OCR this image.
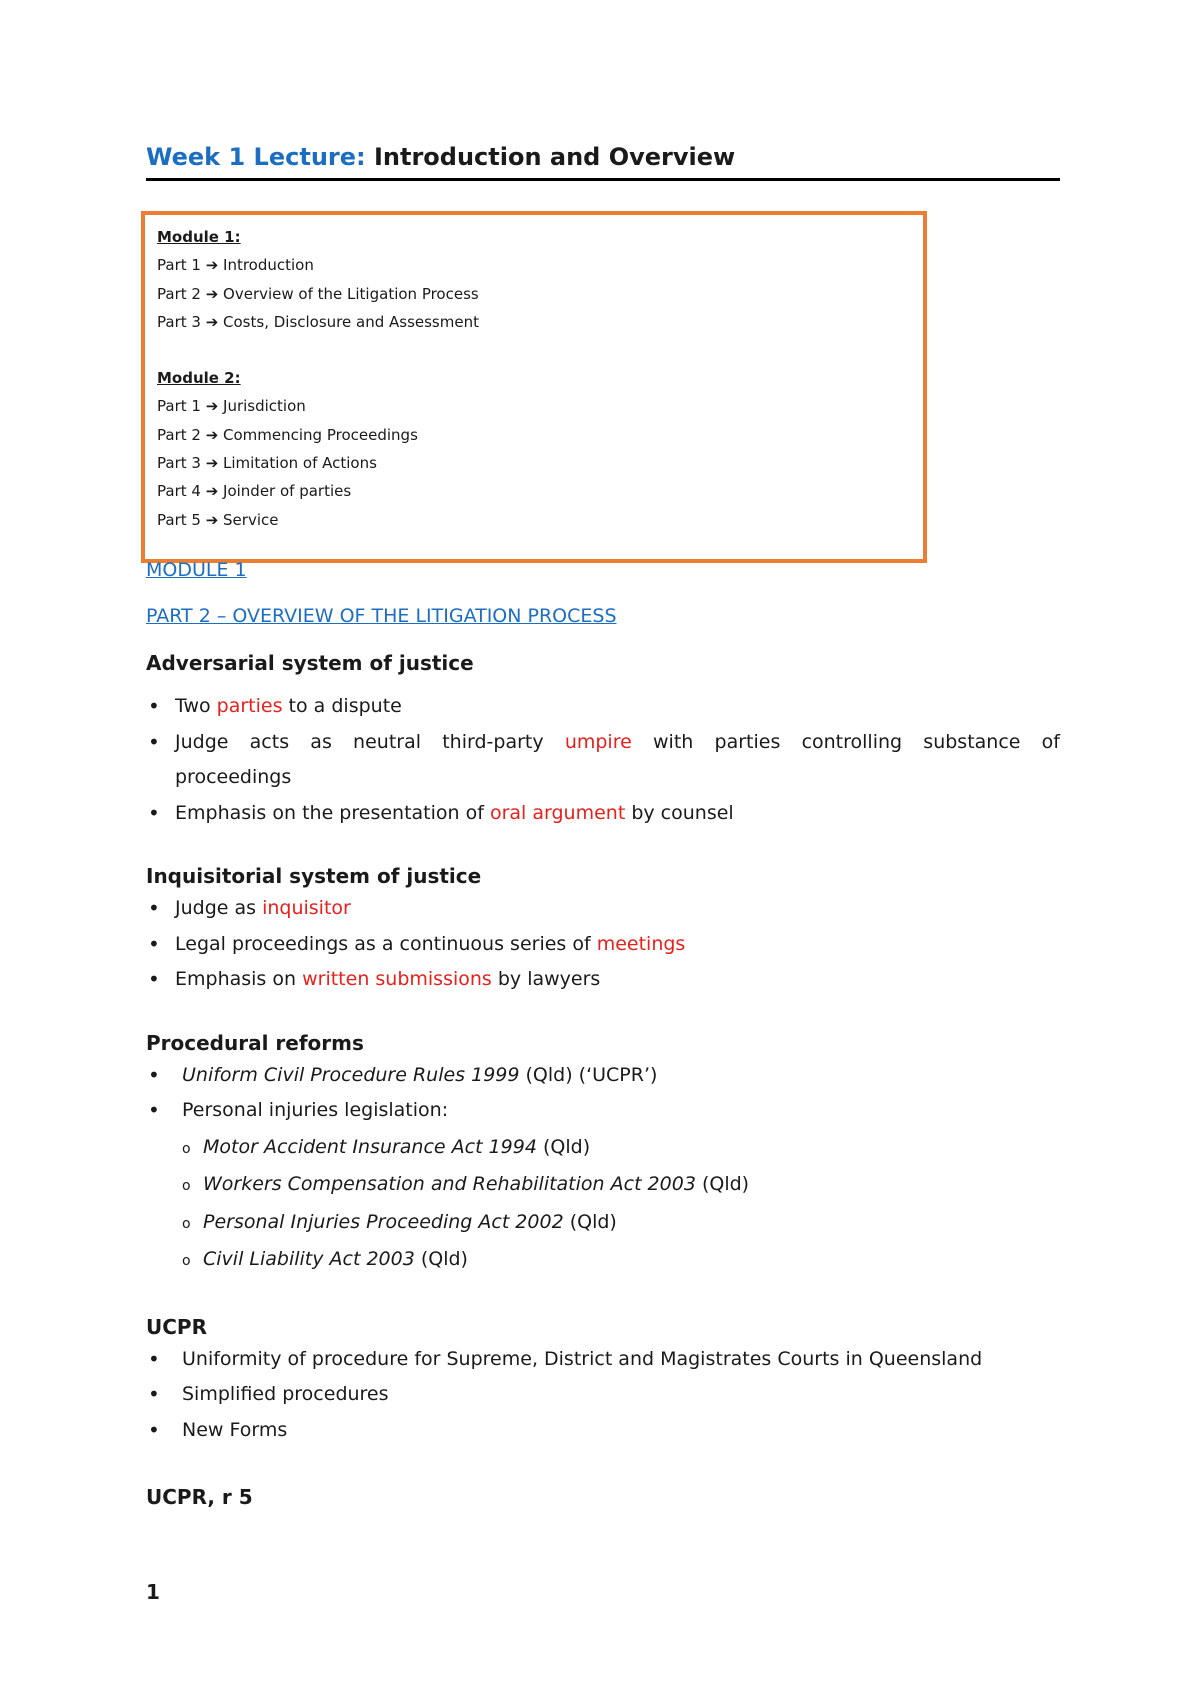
Week 1 Lecture: Introduction and Overview
Module 1:
Part 1 ➔ Introduction
Part 2 ➔ Overview of the Litigation Process
Part 3 ➔ Costs, Disclosure and Assessment
Module 2:
Part 1 ➔ Jurisdiction
Part 2 ➔ Commencing Proceedings
Part 3 ➔ Limitation of Actions
Part 4 ➔ Joinder of parties
Part 5 ➔ Service
MODULE 1
PART 2 – OVERVIEW OF THE LITIGATION PROCESS
Adversarial system of justice
• Two parties to a dispute
• Judge acts as neutral third-party umpire with parties controlling substance of
proceedings
• Emphasis on the presentation of oral argument by counsel
Inquisitorial system of justice
• Judge as inquisitor
• Legal proceedings as a continuous series of meetings
• Emphasis on written submissions by lawyers
Procedural reforms
• Uniform Civil Procedure Rules 1999 (Qld) (‘UCPR’)
• Personal injuries legislation:
o Motor Accident Insurance Act 1994 (Qld)
o Workers Compensation and Rehabilitation Act 2003 (Qld)
o Personal Injuries Proceeding Act 2002 (Qld)
o Civil Liability Act 2003 (Qld)
UCPR
• Uniformity of procedure for Supreme, District and Magistrates Courts in Queensland
• Simplified procedures
• New Forms
UCPR, r 5
1
